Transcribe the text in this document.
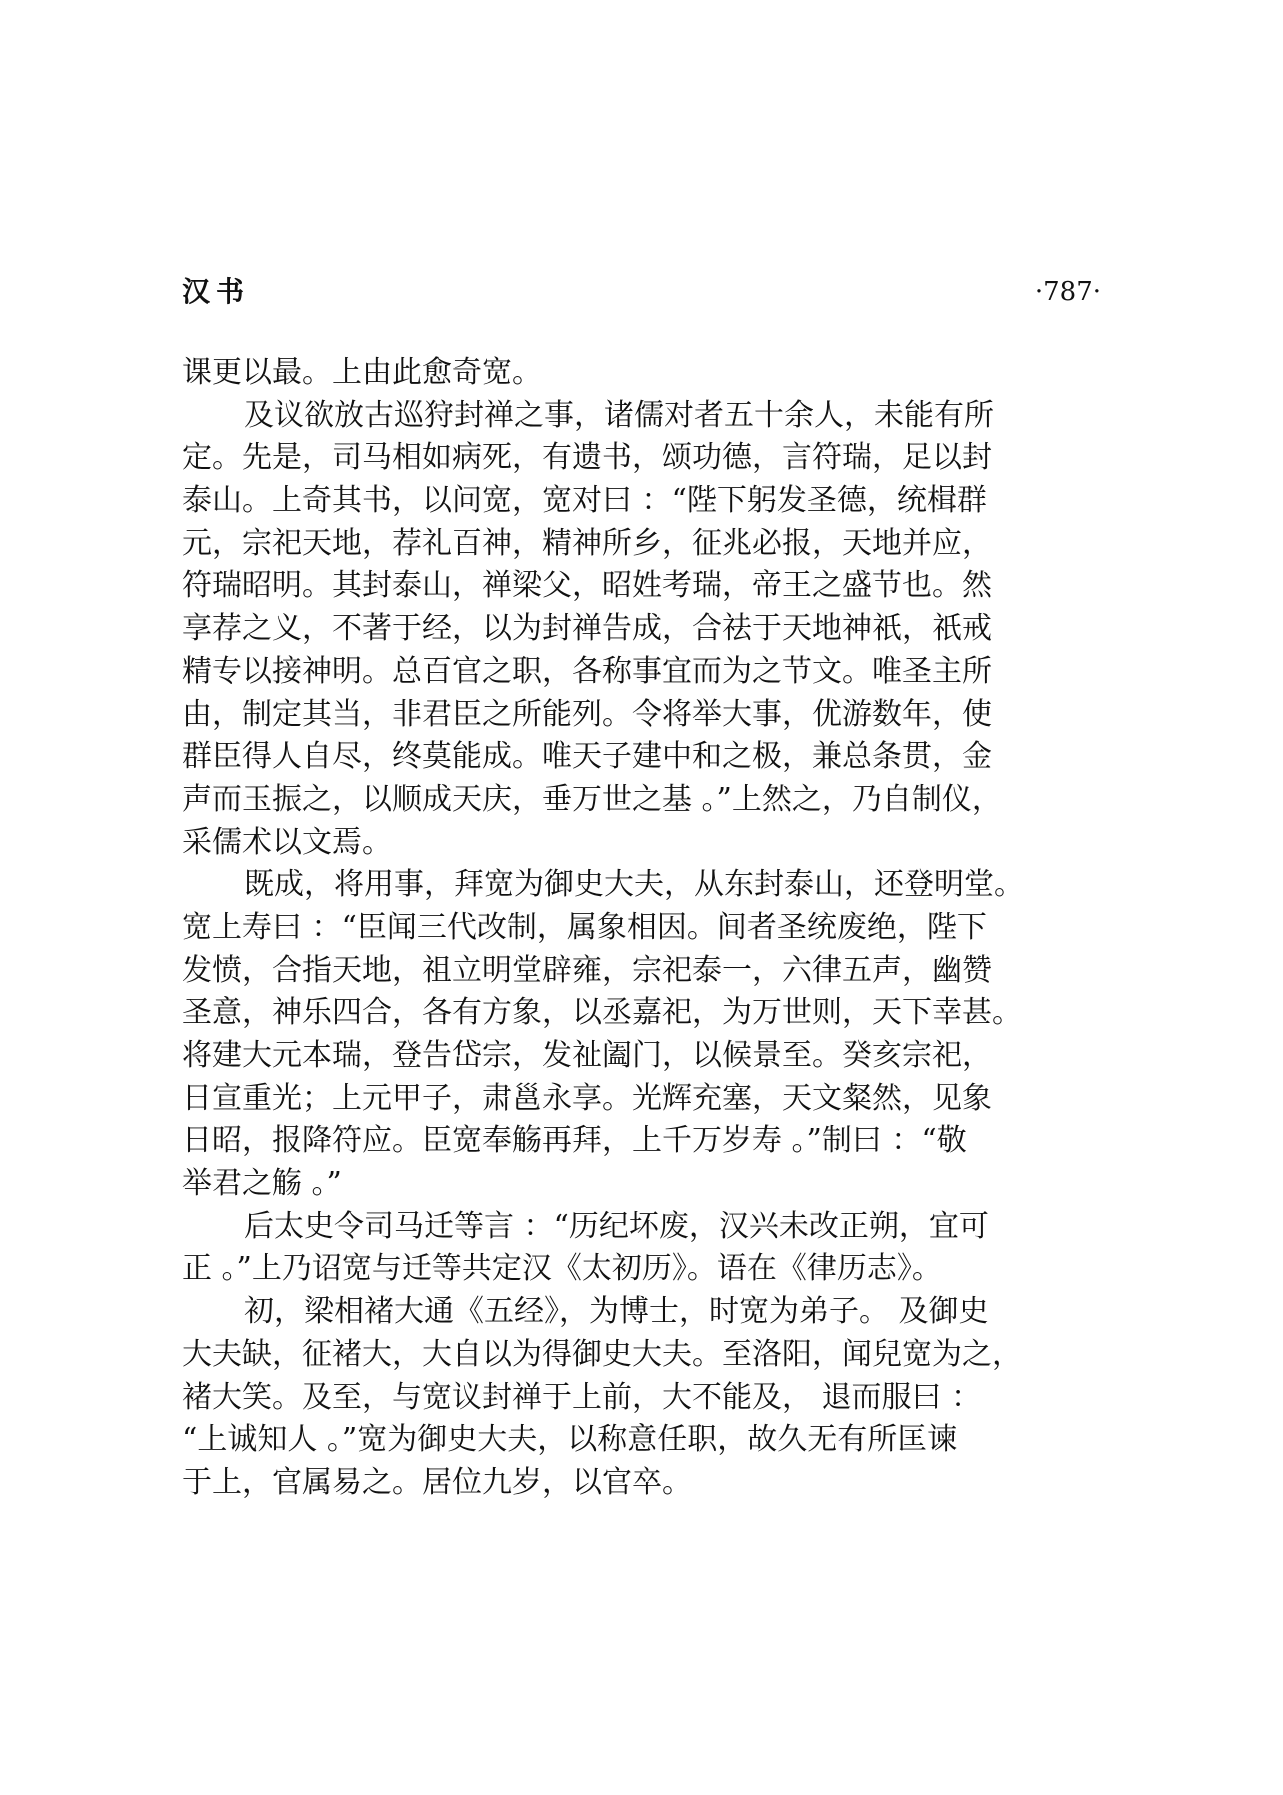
汉书	·787·
课更以最。上由此愈奇宽。
及议欲放古巡狩封禅之事，诸儒对者五十余人，未能有所
定。先是，司马相如病死，有遗书，颂功德，言符瑞，足以封
泰山。上奇其书，以问宽，宽对曰 ：“陛下躬发圣德，统楫群
元，宗祀天地，荐礼百神，精神所乡，征兆必报，天地并应，
符瑞昭明。其封泰山，禅梁父，昭姓考瑞，帝王之盛节也。然
享荐之义，不著于经，以为封禅告成，合祛于天地神祇，祇戒
精专以接神明。总百官之职，各称事宜而为之节文。唯圣主所
由，制定其当，非君臣之所能列。令将举大事，优游数年，使
群臣得人自尽，终莫能成。唯天子建中和之极，兼总条贯，金
声而玉振之，以顺成天庆，垂万世之基 。”上然之，乃自制仪，
采儒术以文焉。
既成，将用事，拜宽为御史大夫，从东封泰山，还登明堂。
宽上寿曰 ：“臣闻三代改制，属象相因。间者圣统废绝，陛下
发愤，合指天地，祖立明堂辟雍，宗祀泰一，六律五声，幽赞
圣意，神乐四合，各有方象，以丞嘉祀，为万世则，天下幸甚。
将建大元本瑞，登告岱宗，发祉阖门，以候景至。癸亥宗祀，
日宣重光；上元甲子，肃邕永享。光辉充塞，天文粲然，见象
日昭，报降符应。臣宽奉觞再拜，上千万岁寿 。”制曰 ：“敬
举君之觞 。”
后太史令司马迁等言 ：“历纪坏废，汉兴未改正朔，宜可
正 。”上乃诏宽与迁等共定汉《太初历》。语在《律历志》。
初，梁相褚大通《五经》，为博士，时宽为弟子。 及御史
大夫缺，征褚大，大自以为得御史大夫。至洛阳，闻兒宽为之，
褚大笑。及至，与宽议封禅于上前，大不能及， 退而服曰 ：
“上诚知人 。”宽为御史大夫，以称意任职，故久无有所匡谏
于上，官属易之。居位九岁，以官卒。
